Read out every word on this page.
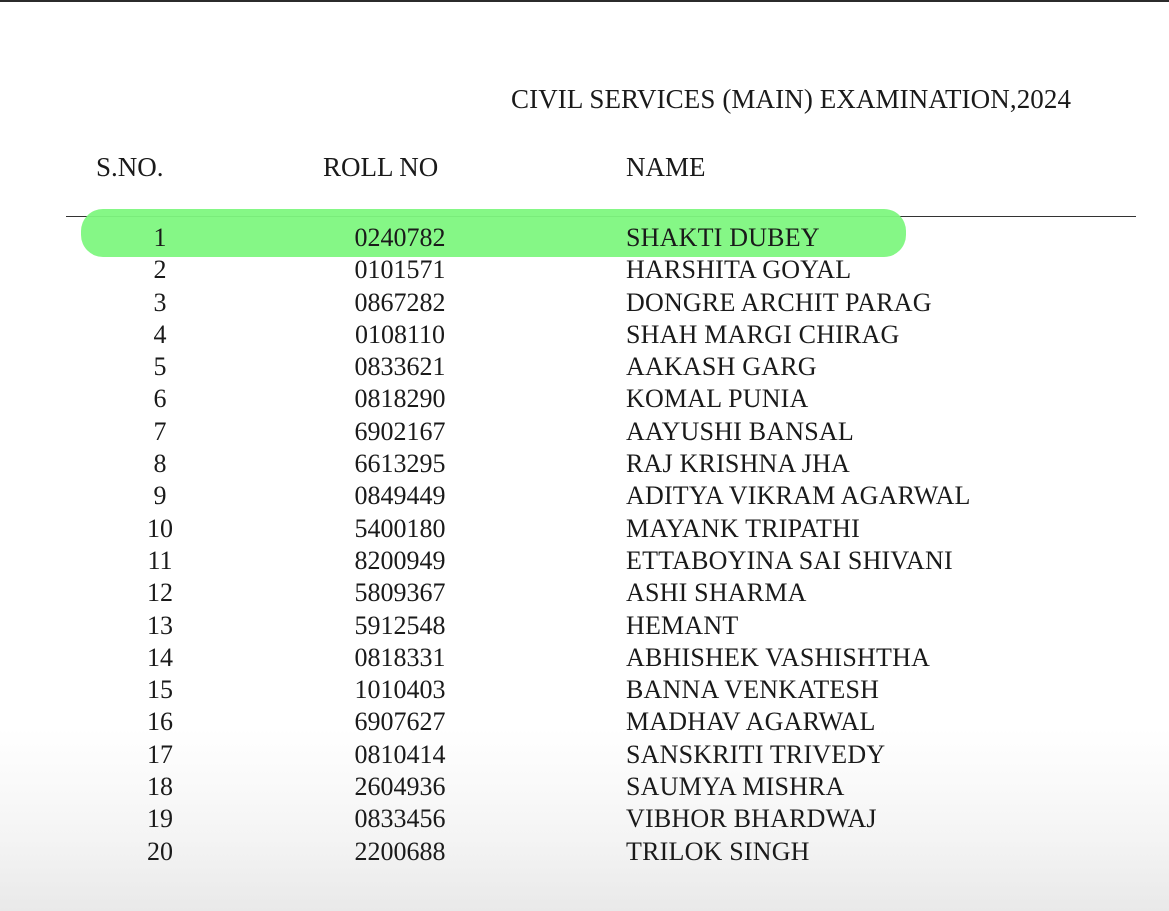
CIVIL SERVICES (MAIN) EXAMINATION,2024
S.NO.	ROLL NO	NAME
1	0240782	SHAKTI DUBEY
2	0101571	HARSHITA GOYAL
3	0867282	DONGRE ARCHIT PARAG
4	0108110	SHAH MARGI CHIRAG
5	0833621	AAKASH GARG
6	0818290	KOMAL PUNIA
7	6902167	AAYUSHI BANSAL
8	6613295	RAJ KRISHNA JHA
9	0849449	ADITYA VIKRAM AGARWAL
10	5400180	MAYANK TRIPATHI
11	8200949	ETTABOYINA SAI SHIVANI
12	5809367	ASHI SHARMA
13	5912548	HEMANT
14	0818331	ABHISHEK VASHISHTHA
15	1010403	BANNA VENKATESH
16	6907627	MADHAV AGARWAL
17	0810414	SANSKRITI TRIVEDY
18	2604936	SAUMYA MISHRA
19	0833456	VIBHOR BHARDWAJ
20	2200688	TRILOK SINGH
